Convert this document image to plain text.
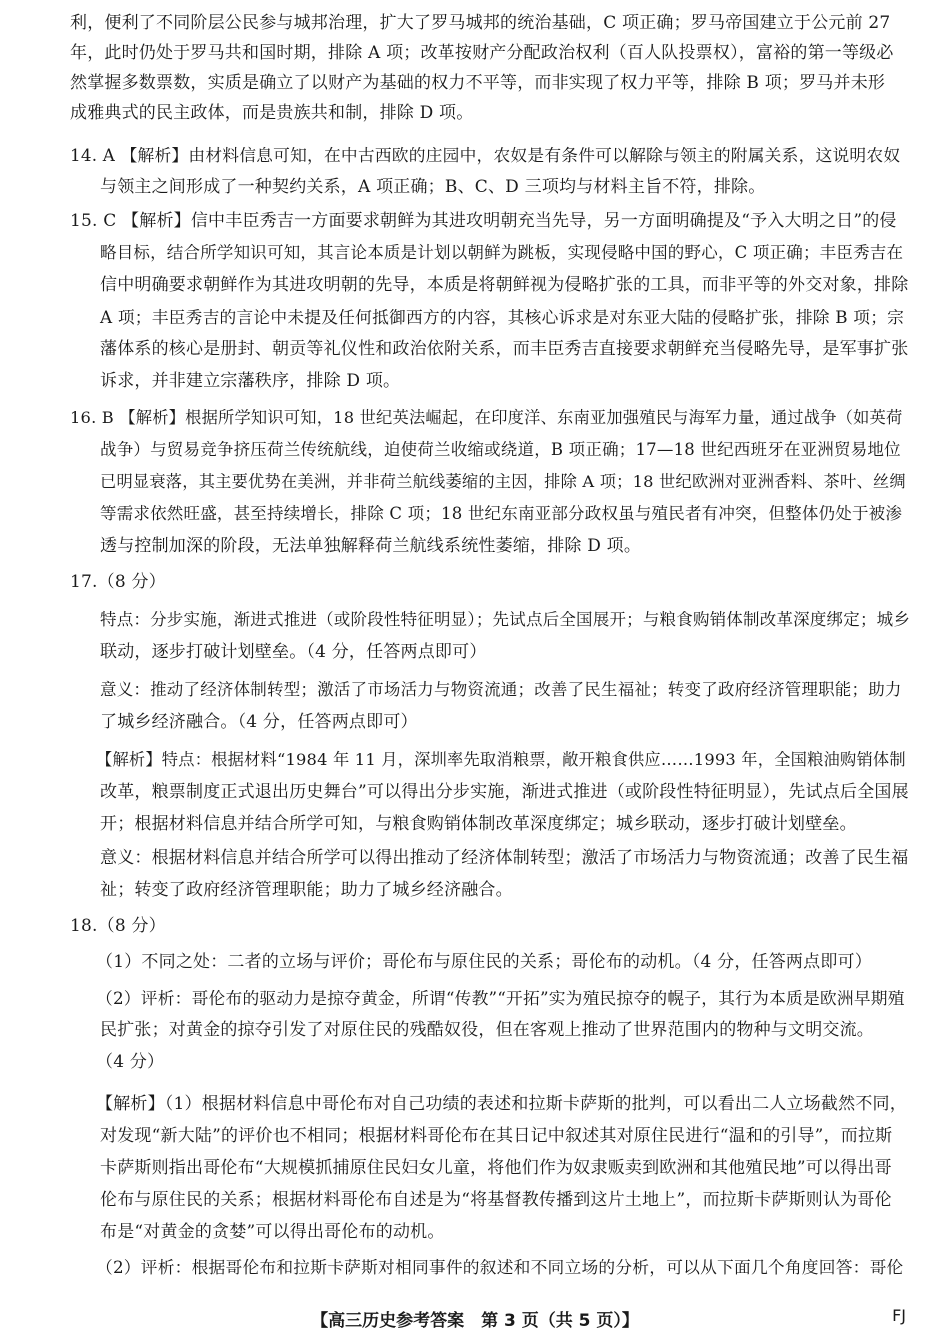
利，便利了不同阶层公民参与城邦治理，扩大了罗马城邦的统治基础，C 项正确；罗马帝国建立于公元前 27
年，此时仍处于罗马共和国时期，排除 A 项；改革按财产分配政治权利（百人队投票权），富裕的第一等级必
然掌握多数票数，实质是确立了以财产为基础的权力不平等，而非实现了权力平等，排除 B 项；罗马并未形
成雅典式的民主政体，而是贵族共和制，排除 D 项。
14. A 【解析】由材料信息可知，在中古西欧的庄园中，农奴是有条件可以解除与领主的附属关系，这说明农奴
与领主之间形成了一种契约关系，A 项正确；B、C、D 三项均与材料主旨不符，排除。
15. C 【解析】信中丰臣秀吉一方面要求朝鲜为其进攻明朝充当先导，另一方面明确提及“予入大明之日”的侵
略目标，结合所学知识可知，其言论本质是计划以朝鲜为跳板，实现侵略中国的野心，C 项正确；丰臣秀吉在
信中明确要求朝鲜作为其进攻明朝的先导，本质是将朝鲜视为侵略扩张的工具，而非平等的外交对象，排除
A 项；丰臣秀吉的言论中未提及任何抵御西方的内容，其核心诉求是对东亚大陆的侵略扩张，排除 B 项；宗
藩体系的核心是册封、朝贡等礼仪性和政治依附关系，而丰臣秀吉直接要求朝鲜充当侵略先导，是军事扩张
诉求，并非建立宗藩秩序，排除 D 项。
16. B 【解析】根据所学知识可知，18 世纪英法崛起，在印度洋、东南亚加强殖民与海军力量，通过战争（如英荷
战争）与贸易竞争挤压荷兰传统航线，迫使荷兰收缩或绕道，B 项正确；17—18 世纪西班牙在亚洲贸易地位
已明显衰落，其主要优势在美洲，并非荷兰航线萎缩的主因，排除 A 项；18 世纪欧洲对亚洲香料、茶叶、丝绸
等需求依然旺盛，甚至持续增长，排除 C 项；18 世纪东南亚部分政权虽与殖民者有冲突，但整体仍处于被渗
透与控制加深的阶段，无法单独解释荷兰航线系统性萎缩，排除 D 项。
17.（8 分）
特点：分步实施，渐进式推进（或阶段性特征明显）；先试点后全国展开；与粮食购销体制改革深度绑定；城乡
联动，逐步打破计划壁垒。（4 分，任答两点即可）
意义：推动了经济体制转型；激活了市场活力与物资流通；改善了民生福祉；转变了政府经济管理职能；助力
了城乡经济融合。（4 分，任答两点即可）
【解析】特点：根据材料“1984 年 11 月，深圳率先取消粮票，敞开粮食供应……1993 年，全国粮油购销体制
改革，粮票制度正式退出历史舞台”可以得出分步实施，渐进式推进（或阶段性特征明显），先试点后全国展
开；根据材料信息并结合所学可知，与粮食购销体制改革深度绑定；城乡联动，逐步打破计划壁垒。
意义：根据材料信息并结合所学可以得出推动了经济体制转型；激活了市场活力与物资流通；改善了民生福
祉；转变了政府经济管理职能；助力了城乡经济融合。
18.（8 分）
（1）不同之处：二者的立场与评价；哥伦布与原住民的关系；哥伦布的动机。（4 分，任答两点即可）
（2）评析：哥伦布的驱动力是掠夺黄金，所谓“传教”“开拓”实为殖民掠夺的幌子，其行为本质是欧洲早期殖
民扩张；对黄金的掠夺引发了对原住民的残酷奴役，但在客观上推动了世界范围内的物种与文明交流。
（4 分）
【解析】（1）根据材料信息中哥伦布对自己功绩的表述和拉斯卡萨斯的批判，可以看出二人立场截然不同，
对发现“新大陆”的评价也不相同；根据材料哥伦布在其日记中叙述其对原住民进行“温和的引导”，而拉斯
卡萨斯则指出哥伦布“大规模抓捕原住民妇女儿童，将他们作为奴隶贩卖到欧洲和其他殖民地”可以得出哥
伦布与原住民的关系；根据材料哥伦布自述是为“将基督教传播到这片土地上”，而拉斯卡萨斯则认为哥伦
布是“对黄金的贪婪”可以得出哥伦布的动机。
（2）评析：根据哥伦布和拉斯卡萨斯对相同事件的叙述和不同立场的分析，可以从下面几个角度回答：哥伦
【高三历史参考答案　第 3 页（共 5 页）】	FJ
